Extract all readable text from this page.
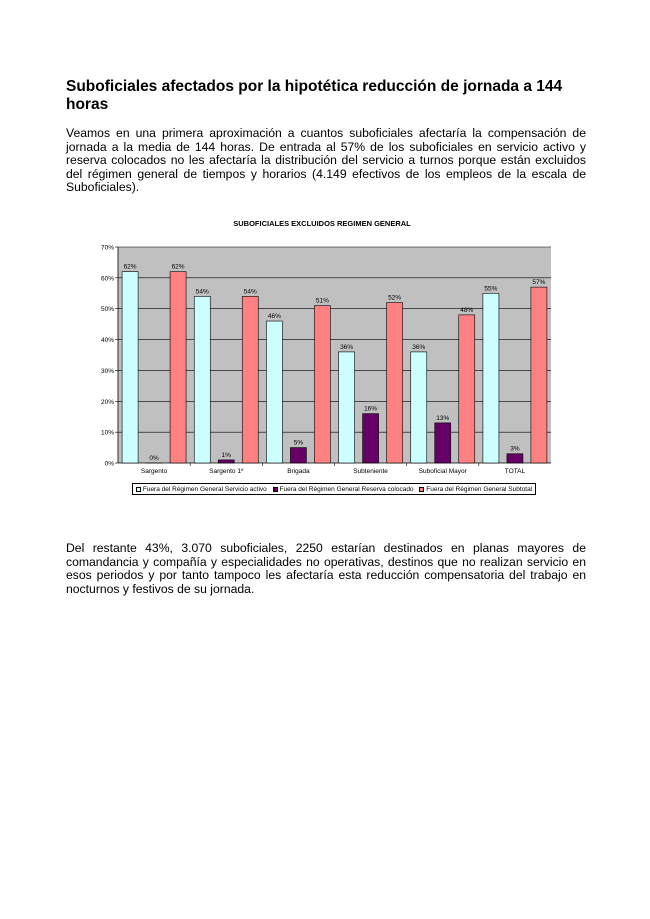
Suboficiales afectados por la hipotética reducción de jornada a 144 horas

Veamos en una primera aproximación a cuantos suboficiales afectaría la compensación de jornada a la media de 144 horas. De entrada al 57% de los suboficiales en servicio activo y reserva colocados no les afectaría la distribución del servicio a turnos porque están excluidos del régimen general de tiempos y horarios (4.149 efectivos de los empleos de la escala de Suboficiales).

SUBOFICIALES EXCLUIDOS REGIMEN GENERAL
0%
10%
20%
30%
40%
50%
60%
70%
62%
0%
62%
Sargento
54%
1%
54%
Sargento 1º
46%
5%
51%
Brigada
36%
16%
52%
Subteniente
36%
13%
48%
Suboficial Mayor
55%
3%
57%
TOTAL
Fuera del Régimen General Servicio activo Fuera del Régimen General Reserva colocado Fuera del Régimen General Subtotal

Del restante 43%, 3.070 suboficiales, 2250 estarían destinados en planas mayores de comandancia y compañía y especialidades no operativas, destinos que no realizan servicio en esos periodos y por tanto tampoco les afectaría esta reducción compensatoria del trabajo en nocturnos y festivos de su jornada.
